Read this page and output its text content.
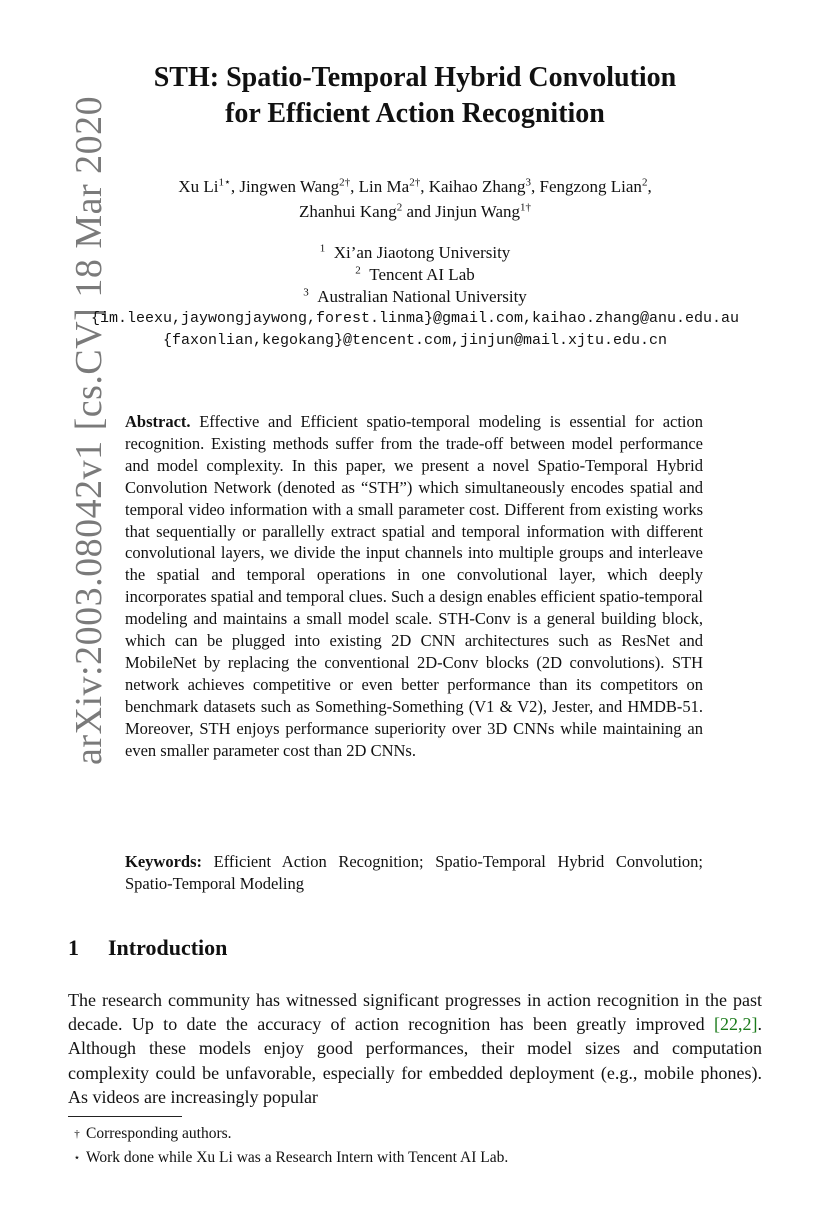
arXiv:2003.08042v1 [cs.CV] 18 Mar 2020
STH: Spatio-Temporal Hybrid Convolution
for Efficient Action Recognition
Xu $Li^{1⋆}$, Jingwen Wang$^{2\dagger}$, Lin $Ma^{2\dagger}$, Kaihao Zhang$^3$, Fengzong Lian$^2$,
Zhanhui Kang$^2$ and Jinjun Wang$^{1\dagger}$
$^1$ Xi’an Jiaotong University
$^2$ Tencent AI Lab
$^3$ Australian National University
{im.leexu,jaywongjaywong,forest.linma}@gmail.com,kaihao.zhang@anu.edu.au
{faxonlian,kegokang}@tencent.com,jinjun@mail.xjtu.edu.cn
Abstract. Effective and Efficient spatio-temporal modeling is essential for action recognition. Existing methods suffer from the trade-off between model performance and model complexity. In this paper, we present a novel Spatio-Temporal Hybrid Convolution Network (denoted as “STH”) which simultaneously encodes spatial and temporal video information with a small parameter cost. Different from existing works that sequentially or parallelly extract spatial and temporal information with different convolutional layers, we divide the input channels into multiple groups and interleave the spatial and temporal operations in one convolutional layer, which deeply incorporates spatial and temporal clues. Such a design enables efficient spatio-temporal modeling and maintains a small model scale. STH-Conv is a general building block, which can be plugged into existing 2D CNN architectures such as ResNet and MobileNet by replacing the conventional 2D-Conv blocks (2D convolutions). STH network achieves competitive or even better performance than its competitors on benchmark datasets such as Something-Something (V1 & V2), Jester, and HMDB-51. Moreover, STH enjoys performance superiority over 3D CNNs while maintaining an even smaller parameter cost than 2D CNNs.
Keywords: Efficient Action Recognition; Spatio-Temporal Hybrid Convolution; Spatio-Temporal Modeling
1 Introduction
The research community has witnessed significant progresses in action recognition in the past decade. Up to date the accuracy of action recognition has been greatly improved [22,2]. Although these models enjoy good performances, their model sizes and computation complexity could be unfavorable, especially for embedded deployment (e.g., mobile phones). As videos are increasingly popular
† Corresponding authors.
⋆ Work done while Xu Li was a Research Intern with Tencent AI Lab.
